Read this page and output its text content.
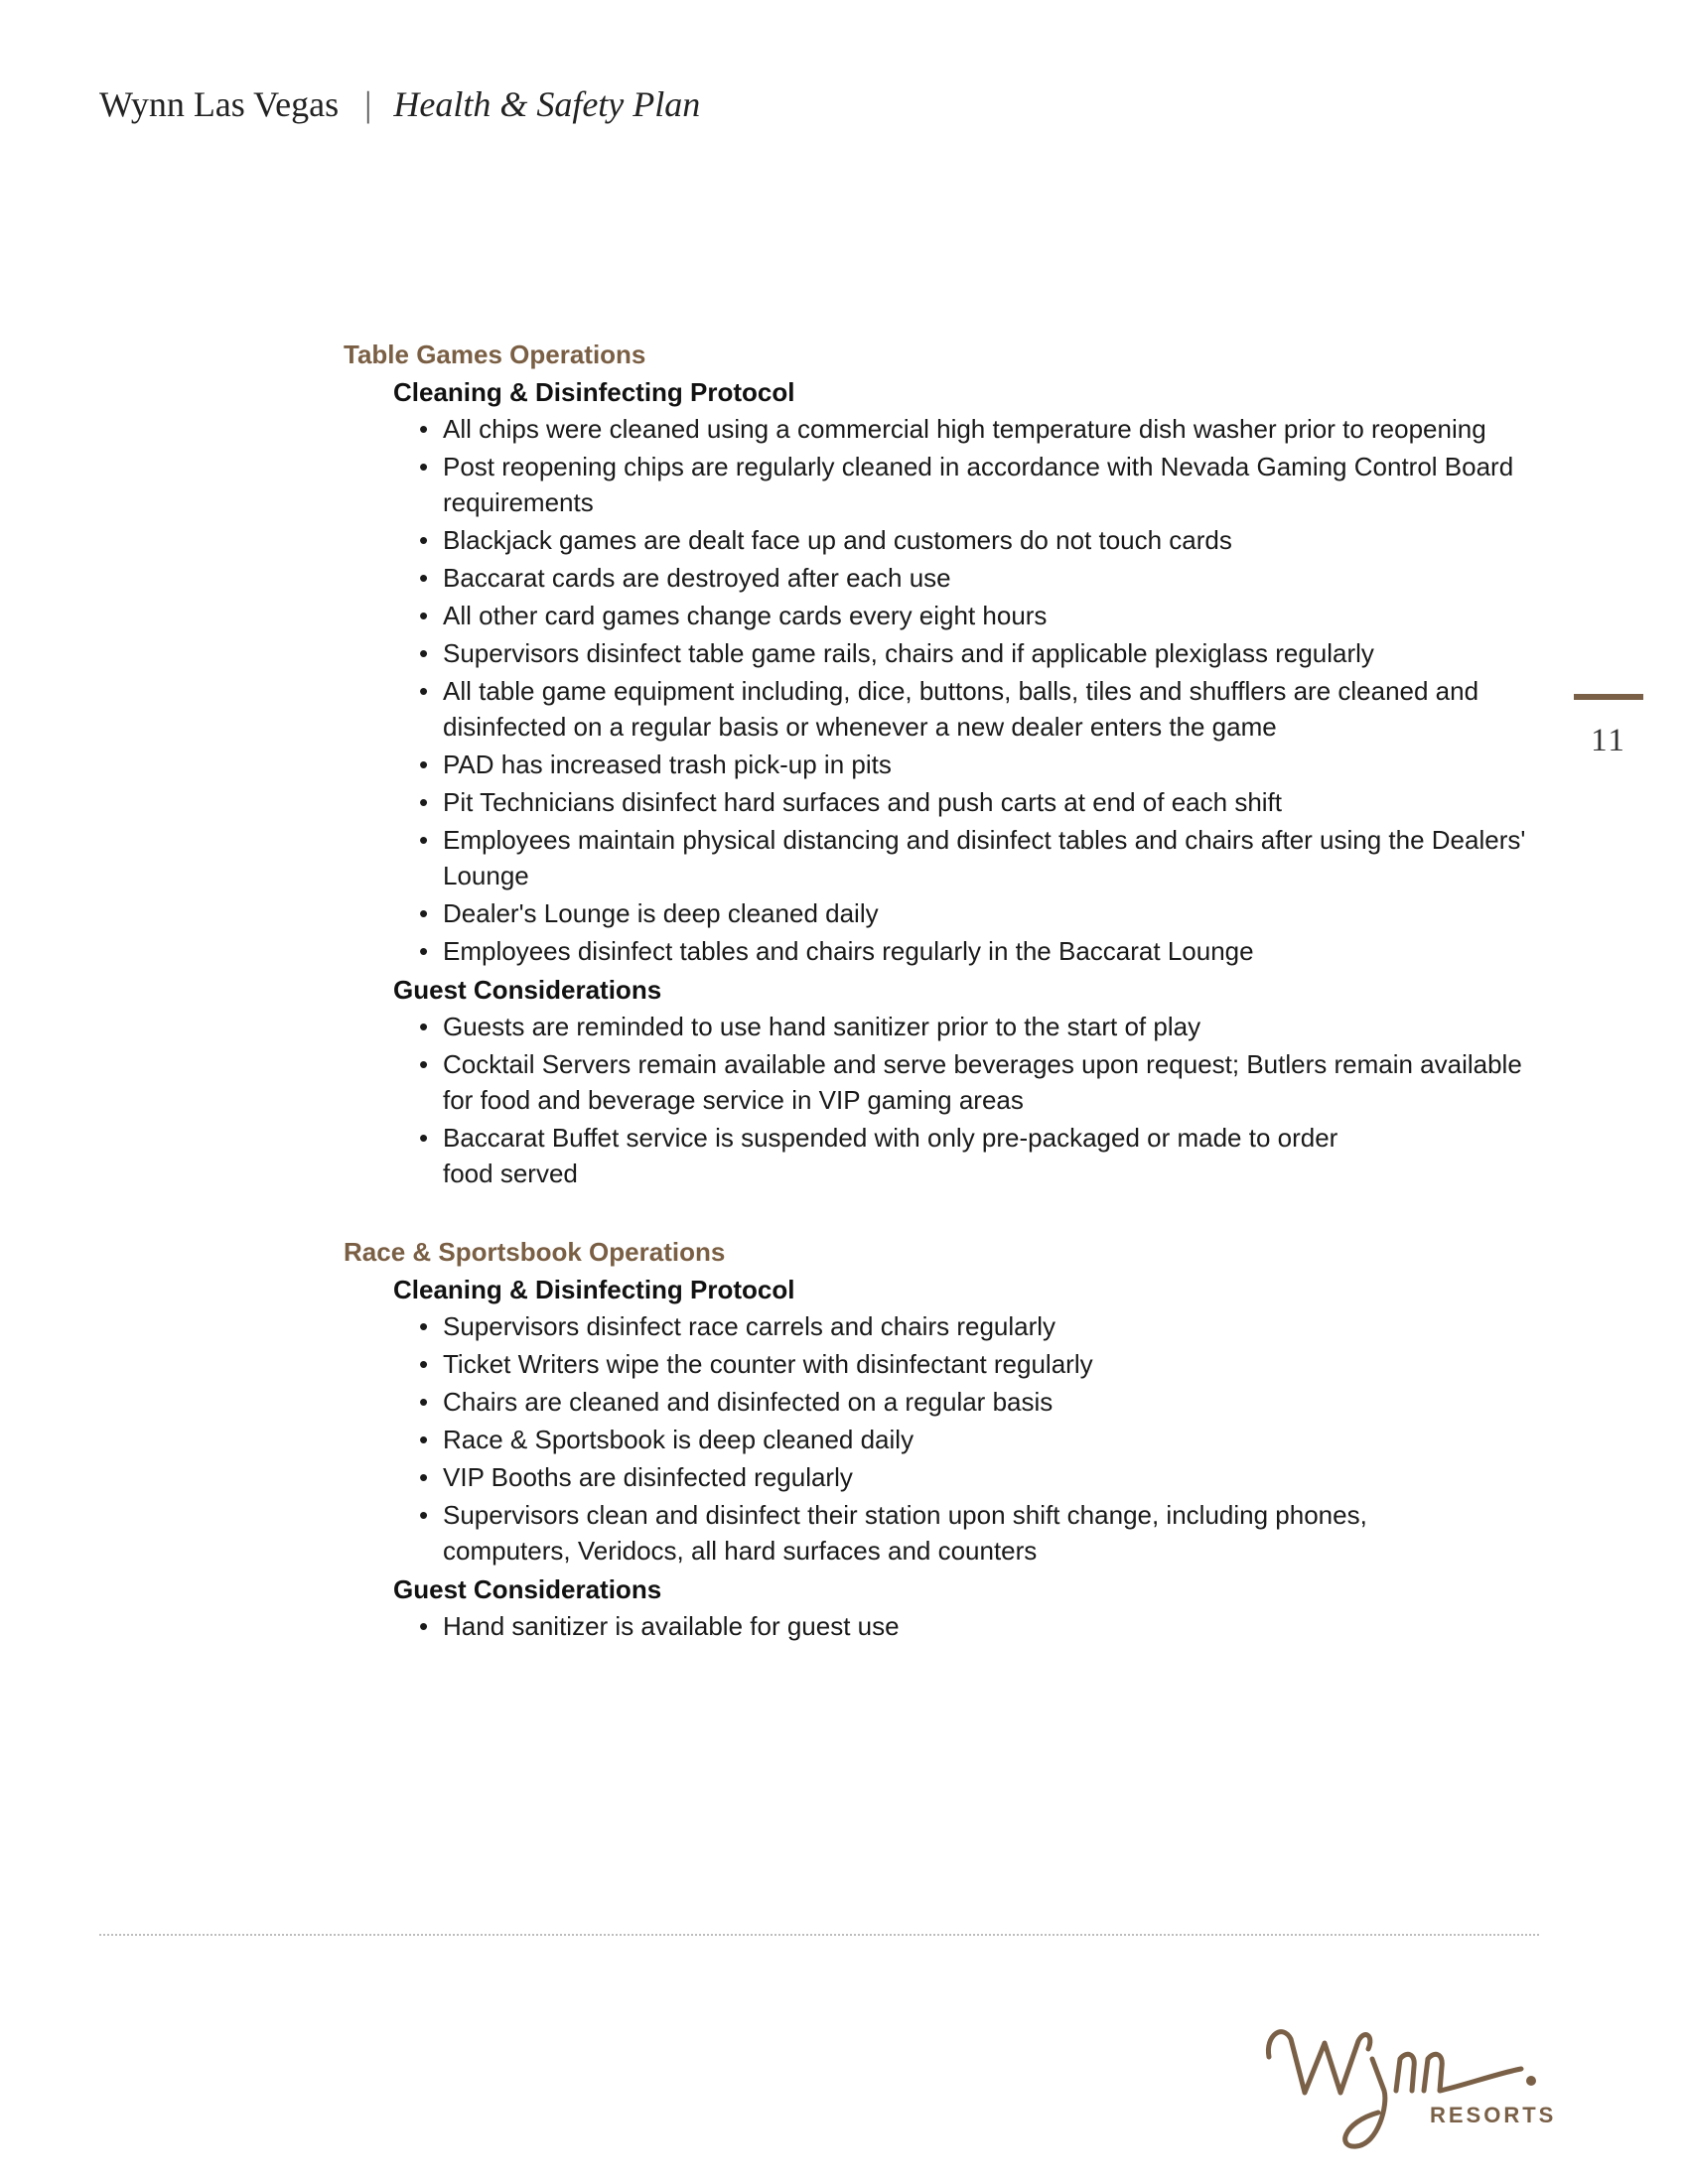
Wynn Las Vegas | Health & Safety Plan
11
Table Games Operations
Cleaning & Disinfecting Protocol
• All chips were cleaned using a commercial high temperature dish washer prior to reopening
• Post reopening chips are regularly cleaned in accordance with Nevada Gaming Control Board requirements
• Blackjack games are dealt face up and customers do not touch cards
• Baccarat cards are destroyed after each use
• All other card games change cards every eight hours
• Supervisors disinfect table game rails, chairs and if applicable plexiglass regularly
• All table game equipment including, dice, buttons, balls, tiles and shufflers are cleaned and disinfected on a regular basis or whenever a new dealer enters the game
• PAD has increased trash pick-up in pits
• Pit Technicians disinfect hard surfaces and push carts at end of each shift
• Employees maintain physical distancing and disinfect tables and chairs after using the Dealers' Lounge
• Dealer's Lounge is deep cleaned daily
• Employees disinfect tables and chairs regularly in the Baccarat Lounge
Guest Considerations
• Guests are reminded to use hand sanitizer prior to the start of play
• Cocktail Servers remain available and serve beverages upon request; Butlers remain available for food and beverage service in VIP gaming areas
• Baccarat Buffet service is suspended with only pre-packaged or made to order food served
Race & Sportsbook Operations
Cleaning & Disinfecting Protocol
• Supervisors disinfect race carrels and chairs regularly
• Ticket Writers wipe the counter with disinfectant regularly
• Chairs are cleaned and disinfected on a regular basis
• Race & Sportsbook is deep cleaned daily
• VIP Booths are disinfected regularly
• Supervisors clean and disinfect their station upon shift change, including phones, computers, Veridocs, all hard surfaces and counters
Guest Considerations
• Hand sanitizer is available for guest use
RESORTS
